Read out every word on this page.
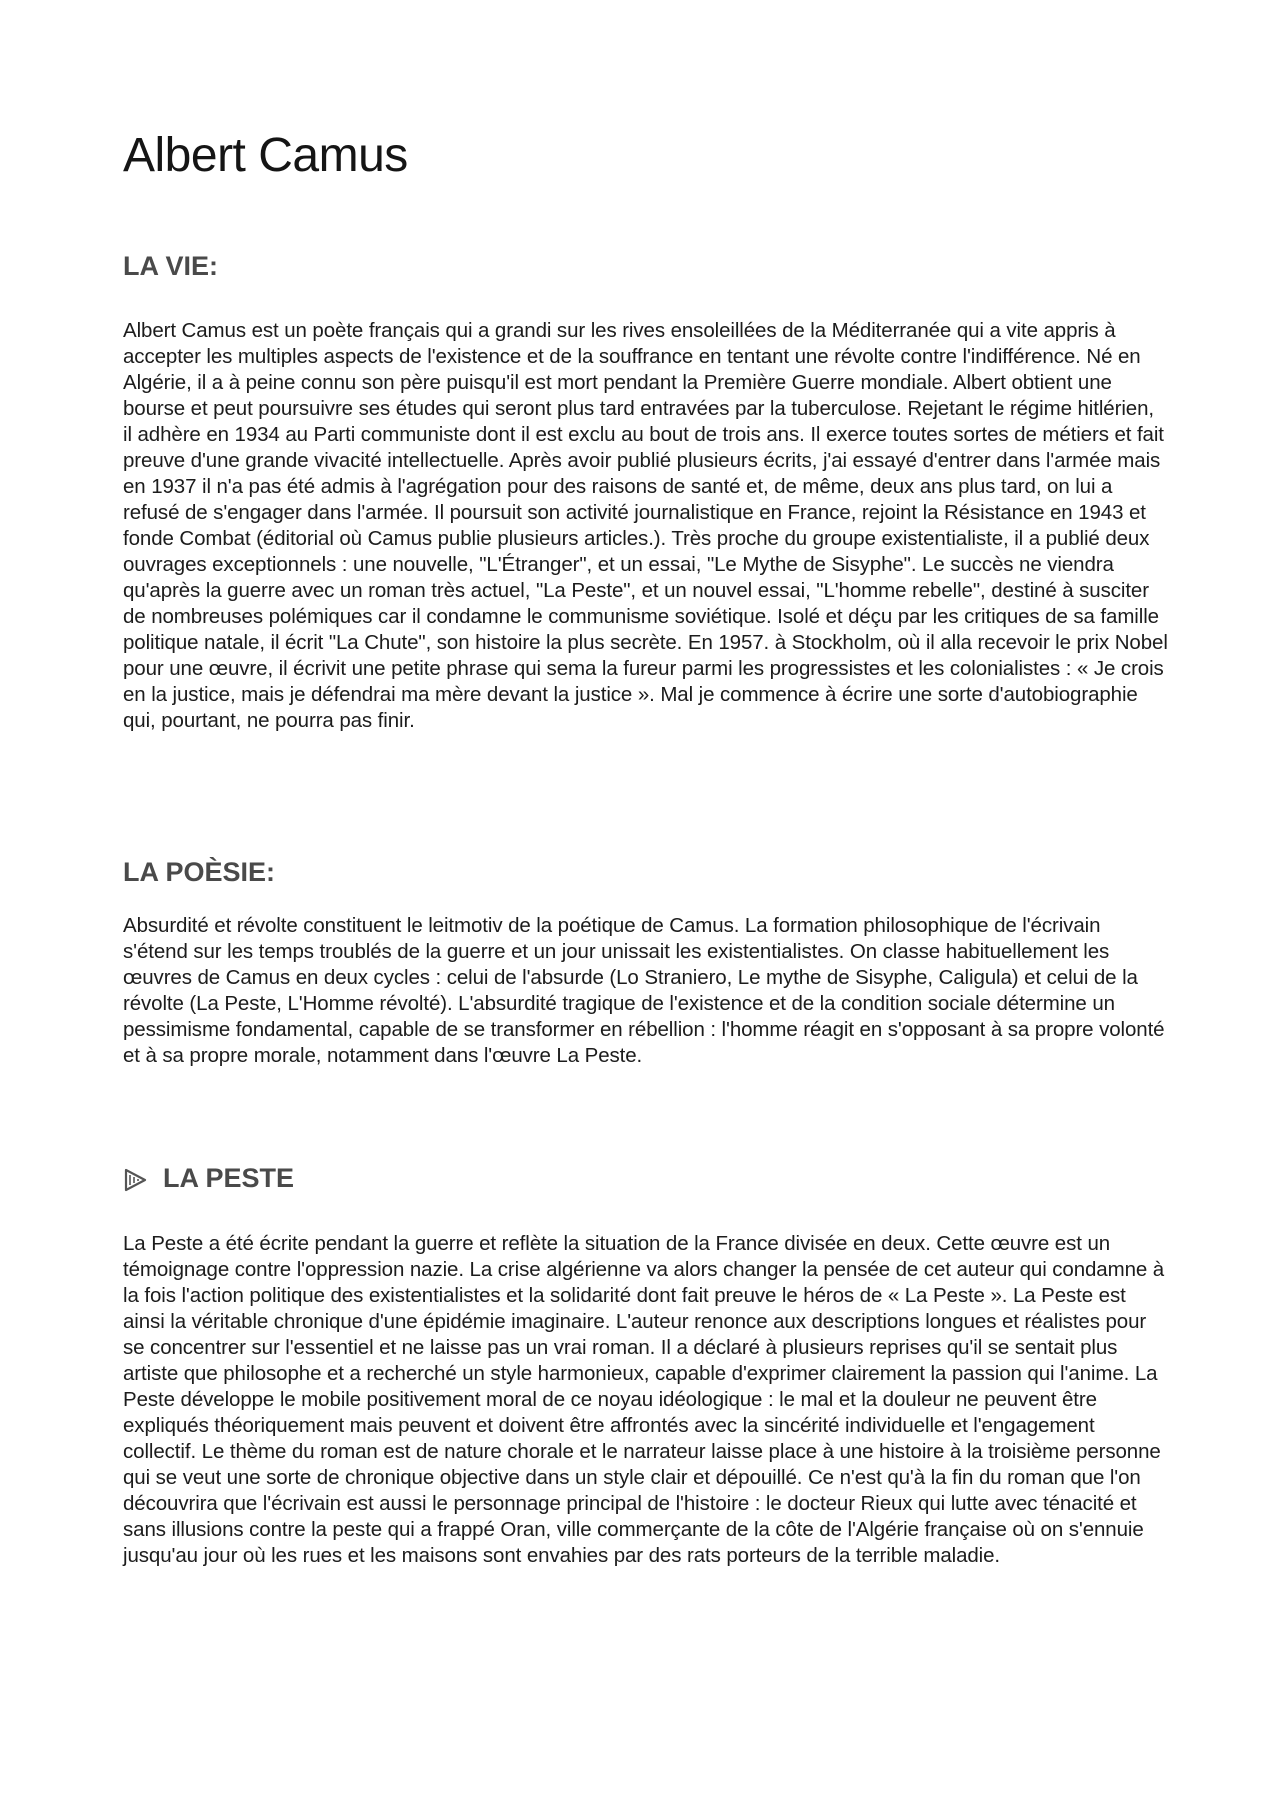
Albert Camus
LA VIE:

Albert Camus est un poète français qui a grandi sur les rives ensoleillées de la Méditerranée qui a vite appris à accepter les multiples aspects de l'existence et de la souffrance en tentant une révolte contre l'indifférence. Né en Algérie, il a à peine connu son père puisqu'il est mort pendant la Première Guerre mondiale. Albert obtient une bourse et peut poursuivre ses études qui seront plus tard entravées par la tuberculose. Rejetant le régime hitlérien, il adhère en 1934 au Parti communiste dont il est exclu au bout de trois ans. Il exerce toutes sortes de métiers et fait preuve d'une grande vivacité intellectuelle. Après avoir publié plusieurs écrits, j'ai essayé d'entrer dans l'armée mais en 1937 il n'a pas été admis à l'agrégation pour des raisons de santé et, de même, deux ans plus tard, on lui a refusé de s'engager dans l'armée. Il poursuit son activité journalistique en France, rejoint la Résistance en 1943 et fonde Combat (éditorial où Camus publie plusieurs articles.). Très proche du groupe existentialiste, il a publié deux ouvrages exceptionnels : une nouvelle, "L'Étranger", et un essai, "Le Mythe de Sisyphe". Le succès ne viendra qu'après la guerre avec un roman très actuel, "La Peste", et un nouvel essai, "L'homme rebelle", destiné à susciter de nombreuses polémiques car il condamne le communisme soviétique. Isolé et déçu par les critiques de sa famille politique natale, il écrit "La Chute", son histoire la plus secrète. En 1957. à Stockholm, où il alla recevoir le prix Nobel pour une œuvre, il écrivit une petite phrase qui sema la fureur parmi les progressistes et les colonialistes : « Je crois en la justice, mais je défendrai ma mère devant la justice ». Mal je commence à écrire une sorte d'autobiographie qui, pourtant, ne pourra pas finir.

LA POÈSIE:

Absurdité et révolte constituent le leitmotiv de la poétique de Camus. La formation philosophique de l'écrivain s'étend sur les temps troublés de la guerre et un jour unissait les existentialistes. On classe habituellement les œuvres de Camus en deux cycles : celui de l'absurde (Lo Straniero, Le mythe de Sisyphe, Caligula) et celui de la révolte (La Peste, L'Homme révolté). L'absurdité tragique de l'existence et de la condition sociale détermine un pessimisme fondamental, capable de se transformer en rébellion : l'homme réagit en s'opposant à sa propre volonté et à sa propre morale, notamment dans l'œuvre La Peste.

LA PESTE

La Peste a été écrite pendant la guerre et reflète la situation de la France divisée en deux. Cette œuvre est un témoignage contre l'oppression nazie. La crise algérienne va alors changer la pensée de cet auteur qui condamne à la fois l'action politique des existentialistes et la solidarité dont fait preuve le héros de « La Peste ». La Peste est ainsi la véritable chronique d'une épidémie imaginaire. L'auteur renonce aux descriptions longues et réalistes pour se concentrer sur l'essentiel et ne laisse pas un vrai roman. Il a déclaré à plusieurs reprises qu'il se sentait plus artiste que philosophe et a recherché un style harmonieux, capable d'exprimer clairement la passion qui l'anime. La Peste développe le mobile positivement moral de ce noyau idéologique : le mal et la douleur ne peuvent être expliqués théoriquement mais peuvent et doivent être affrontés avec la sincérité individuelle et l'engagement collectif. Le thème du roman est de nature chorale et le narrateur laisse place à une histoire à la troisième personne qui se veut une sorte de chronique objective dans un style clair et dépouillé. Ce n'est qu'à la fin du roman que l'on découvrira que l'écrivain est aussi le personnage principal de l'histoire : le docteur Rieux qui lutte avec ténacité et sans illusions contre la peste qui a frappé Oran, ville commerçante de la côte de l'Algérie française où on s'ennuie jusqu'au jour où les rues et les maisons sont envahies par des rats porteurs de la terrible maladie.
